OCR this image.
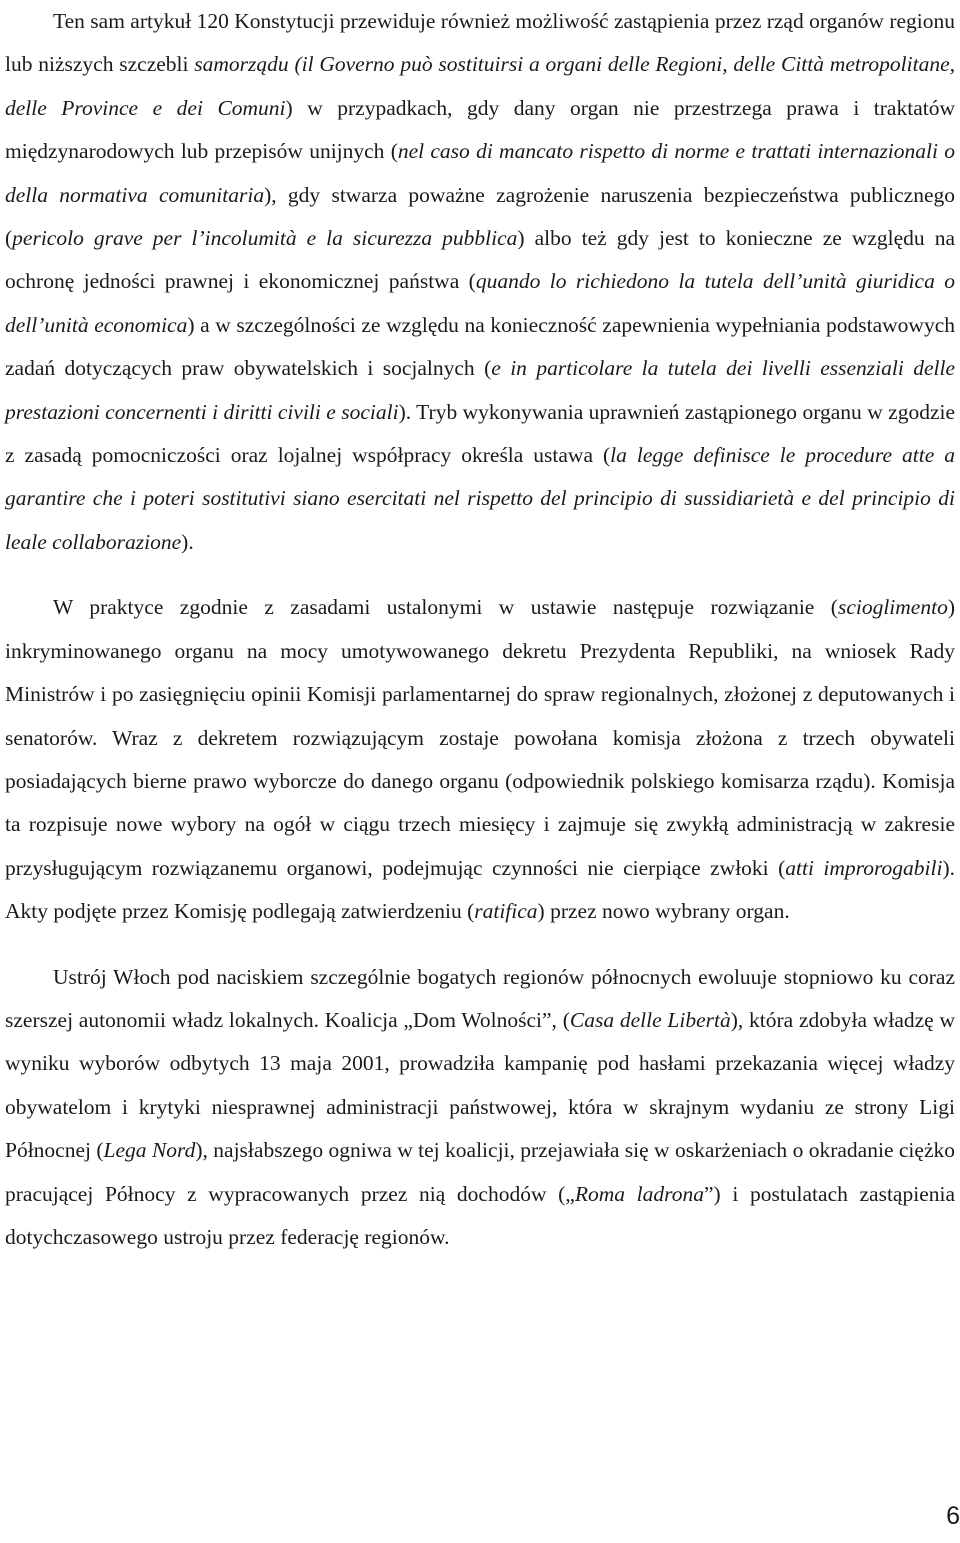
Ten sam artykuł 120 Konstytucji przewiduje również możliwość zastąpienia przez rząd organów regionu lub niższych szczebli samorządu (il Governo può sostituirsi a organi delle Regioni, delle Città metropolitane, delle Province e dei Comuni) w przypadkach, gdy dany organ nie przestrzega prawa i traktatów międzynarodowych lub przepisów unijnych (nel caso di mancato rispetto di norme e trattati internazionali o della normativa comunitaria), gdy stwarza poważne zagrożenie naruszenia bezpieczeństwa publicznego (pericolo grave per l’incolumità e la sicurezza pubblica) albo też gdy jest to konieczne ze względu na ochronę jedności prawnej i ekonomicznej państwa (quando lo richiedono la tutela dell’unità giuridica o dell’unità economica) a w szczególności ze względu na konieczność zapewnienia wypełniania podstawowych zadań dotyczących praw obywatelskich i socjalnych (e in particolare la tutela dei livelli essenziali delle prestazioni concernenti i diritti civili e sociali). Tryb wykonywania uprawnień zastąpionego organu w zgodzie z zasadą pomocniczości oraz lojalnej współpracy określa ustawa (la legge definisce le procedure atte a garantire che i poteri sostitutivi siano esercitati nel rispetto del principio di sussidiarietà e del principio di leale collaborazione).

W praktyce zgodnie z zasadami ustalonymi w ustawie następuje rozwiązanie (scioglimento) inkryminowanego organu na mocy umotywowanego dekretu Prezydenta Republiki, na wniosek Rady Ministrów i po zasięgnięciu opinii Komisji parlamentarnej do spraw regionalnych, złożonej z deputowanych i senatorów. Wraz z dekretem rozwiązującym zostaje powołana komisja złożona z trzech obywateli posiadających bierne prawo wyborcze do danego organu (odpowiednik polskiego komisarza rządu). Komisja ta rozpisuje nowe wybory na ogół w ciągu trzech miesięcy i zajmuje się zwykłą administracją w zakresie przysługującym rozwiązanemu organowi, podejmując czynności nie cierpiące zwłoki (atti improrogabili). Akty podjęte przez Komisję podlegają zatwierdzeniu (ratifica) przez nowo wybrany organ.

Ustrój Włoch pod naciskiem szczególnie bogatych regionów północnych ewoluuje stopniowo ku coraz szerszej autonomii władz lokalnych. Koalicja „Dom Wolności”, (Casa delle Libertà), która zdobyła władzę w wyniku wyborów odbytych 13 maja 2001, prowadziła kampanię pod hasłami przekazania więcej władzy obywatelom i krytyki niesprawnej administracji państwowej, która w skrajnym wydaniu ze strony Ligi Północnej (Lega Nord), najsłabszego ogniwa w tej koalicji, przejawiała się w oskarżeniach o okradanie ciężko pracującej Północy z wypracowanych przez nią dochodów („Roma ladrona”) i postulatach zastąpienia dotychczasowego ustroju przez federację regionów.

6
